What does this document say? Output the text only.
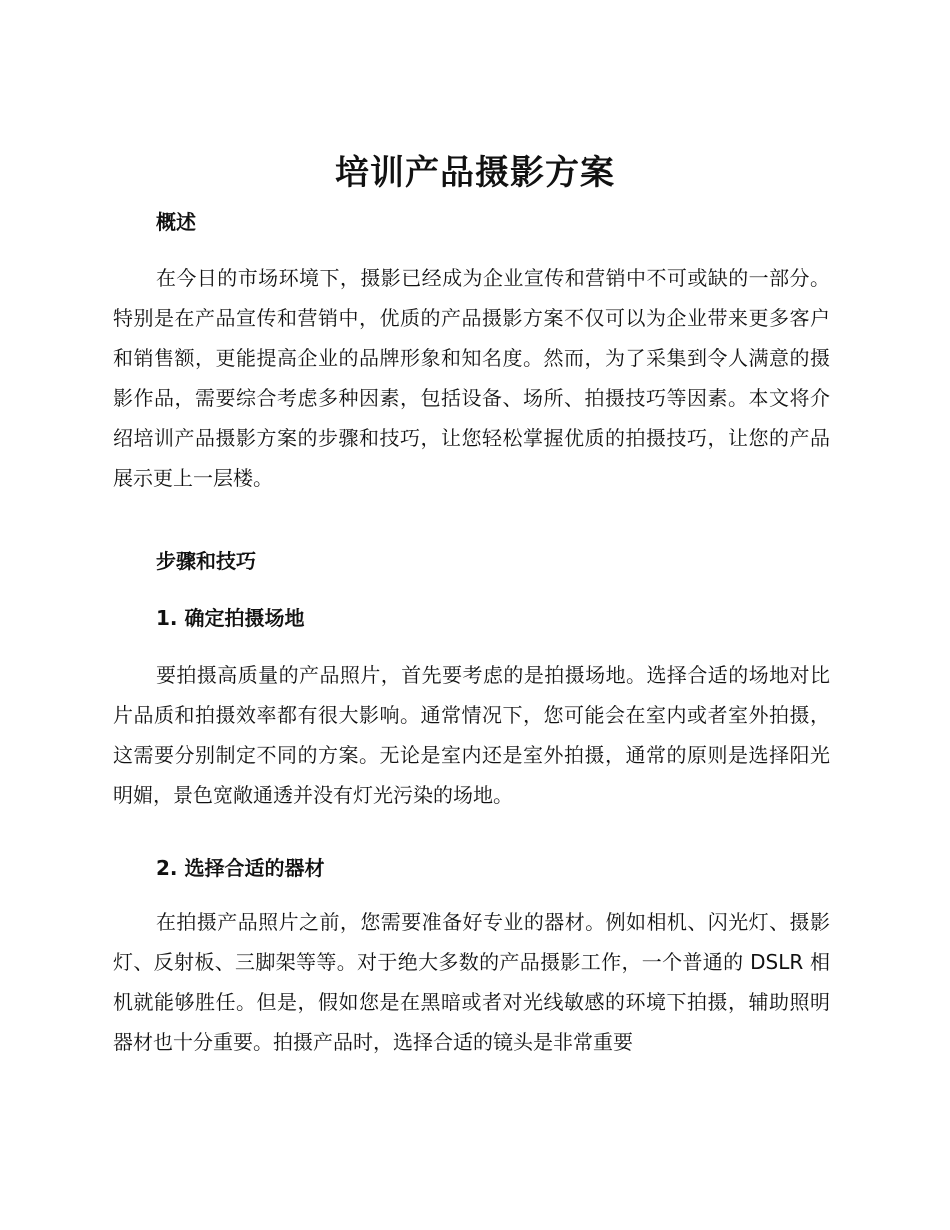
培训产品摄影方案
概述

在今日的市场环境下，摄影已经成为企业宣传和营销中不可或缺的一部分。特别是在产品宣传和营销中，优质的产品摄影方案不仅可以为企业带来更多客户和销售额，更能提高企业的品牌形象和知名度。然而，为了采集到令人满意的摄影作品，需要综合考虑多种因素，包括设备、场所、拍摄技巧等因素。本文将介绍培训产品摄影方案的步骤和技巧，让您轻松掌握优质的拍摄技巧，让您的产品展示更上一层楼。

步骤和技巧
1. 确定拍摄场地

要拍摄高质量的产品照片，首先要考虑的是拍摄场地。选择合适的场地对比片品质和拍摄效率都有很大影响。通常情况下，您可能会在室内或者室外拍摄，这需要分别制定不同的方案。无论是室内还是室外拍摄，通常的原则是选择阳光明媚，景色宽敞通透并没有灯光污染的场地。

2. 选择合适的器材

在拍摄产品照片之前，您需要准备好专业的器材。例如相机、闪光灯、摄影灯、反射板、三脚架等等。对于绝大多数的产品摄影工作，一个普通的 DSLR 相机就能够胜任。但是，假如您是在黑暗或者对光线敏感的环境下拍摄，辅助照明器材也十分重要。拍摄产品时，选择合适的镜头是非常重要
